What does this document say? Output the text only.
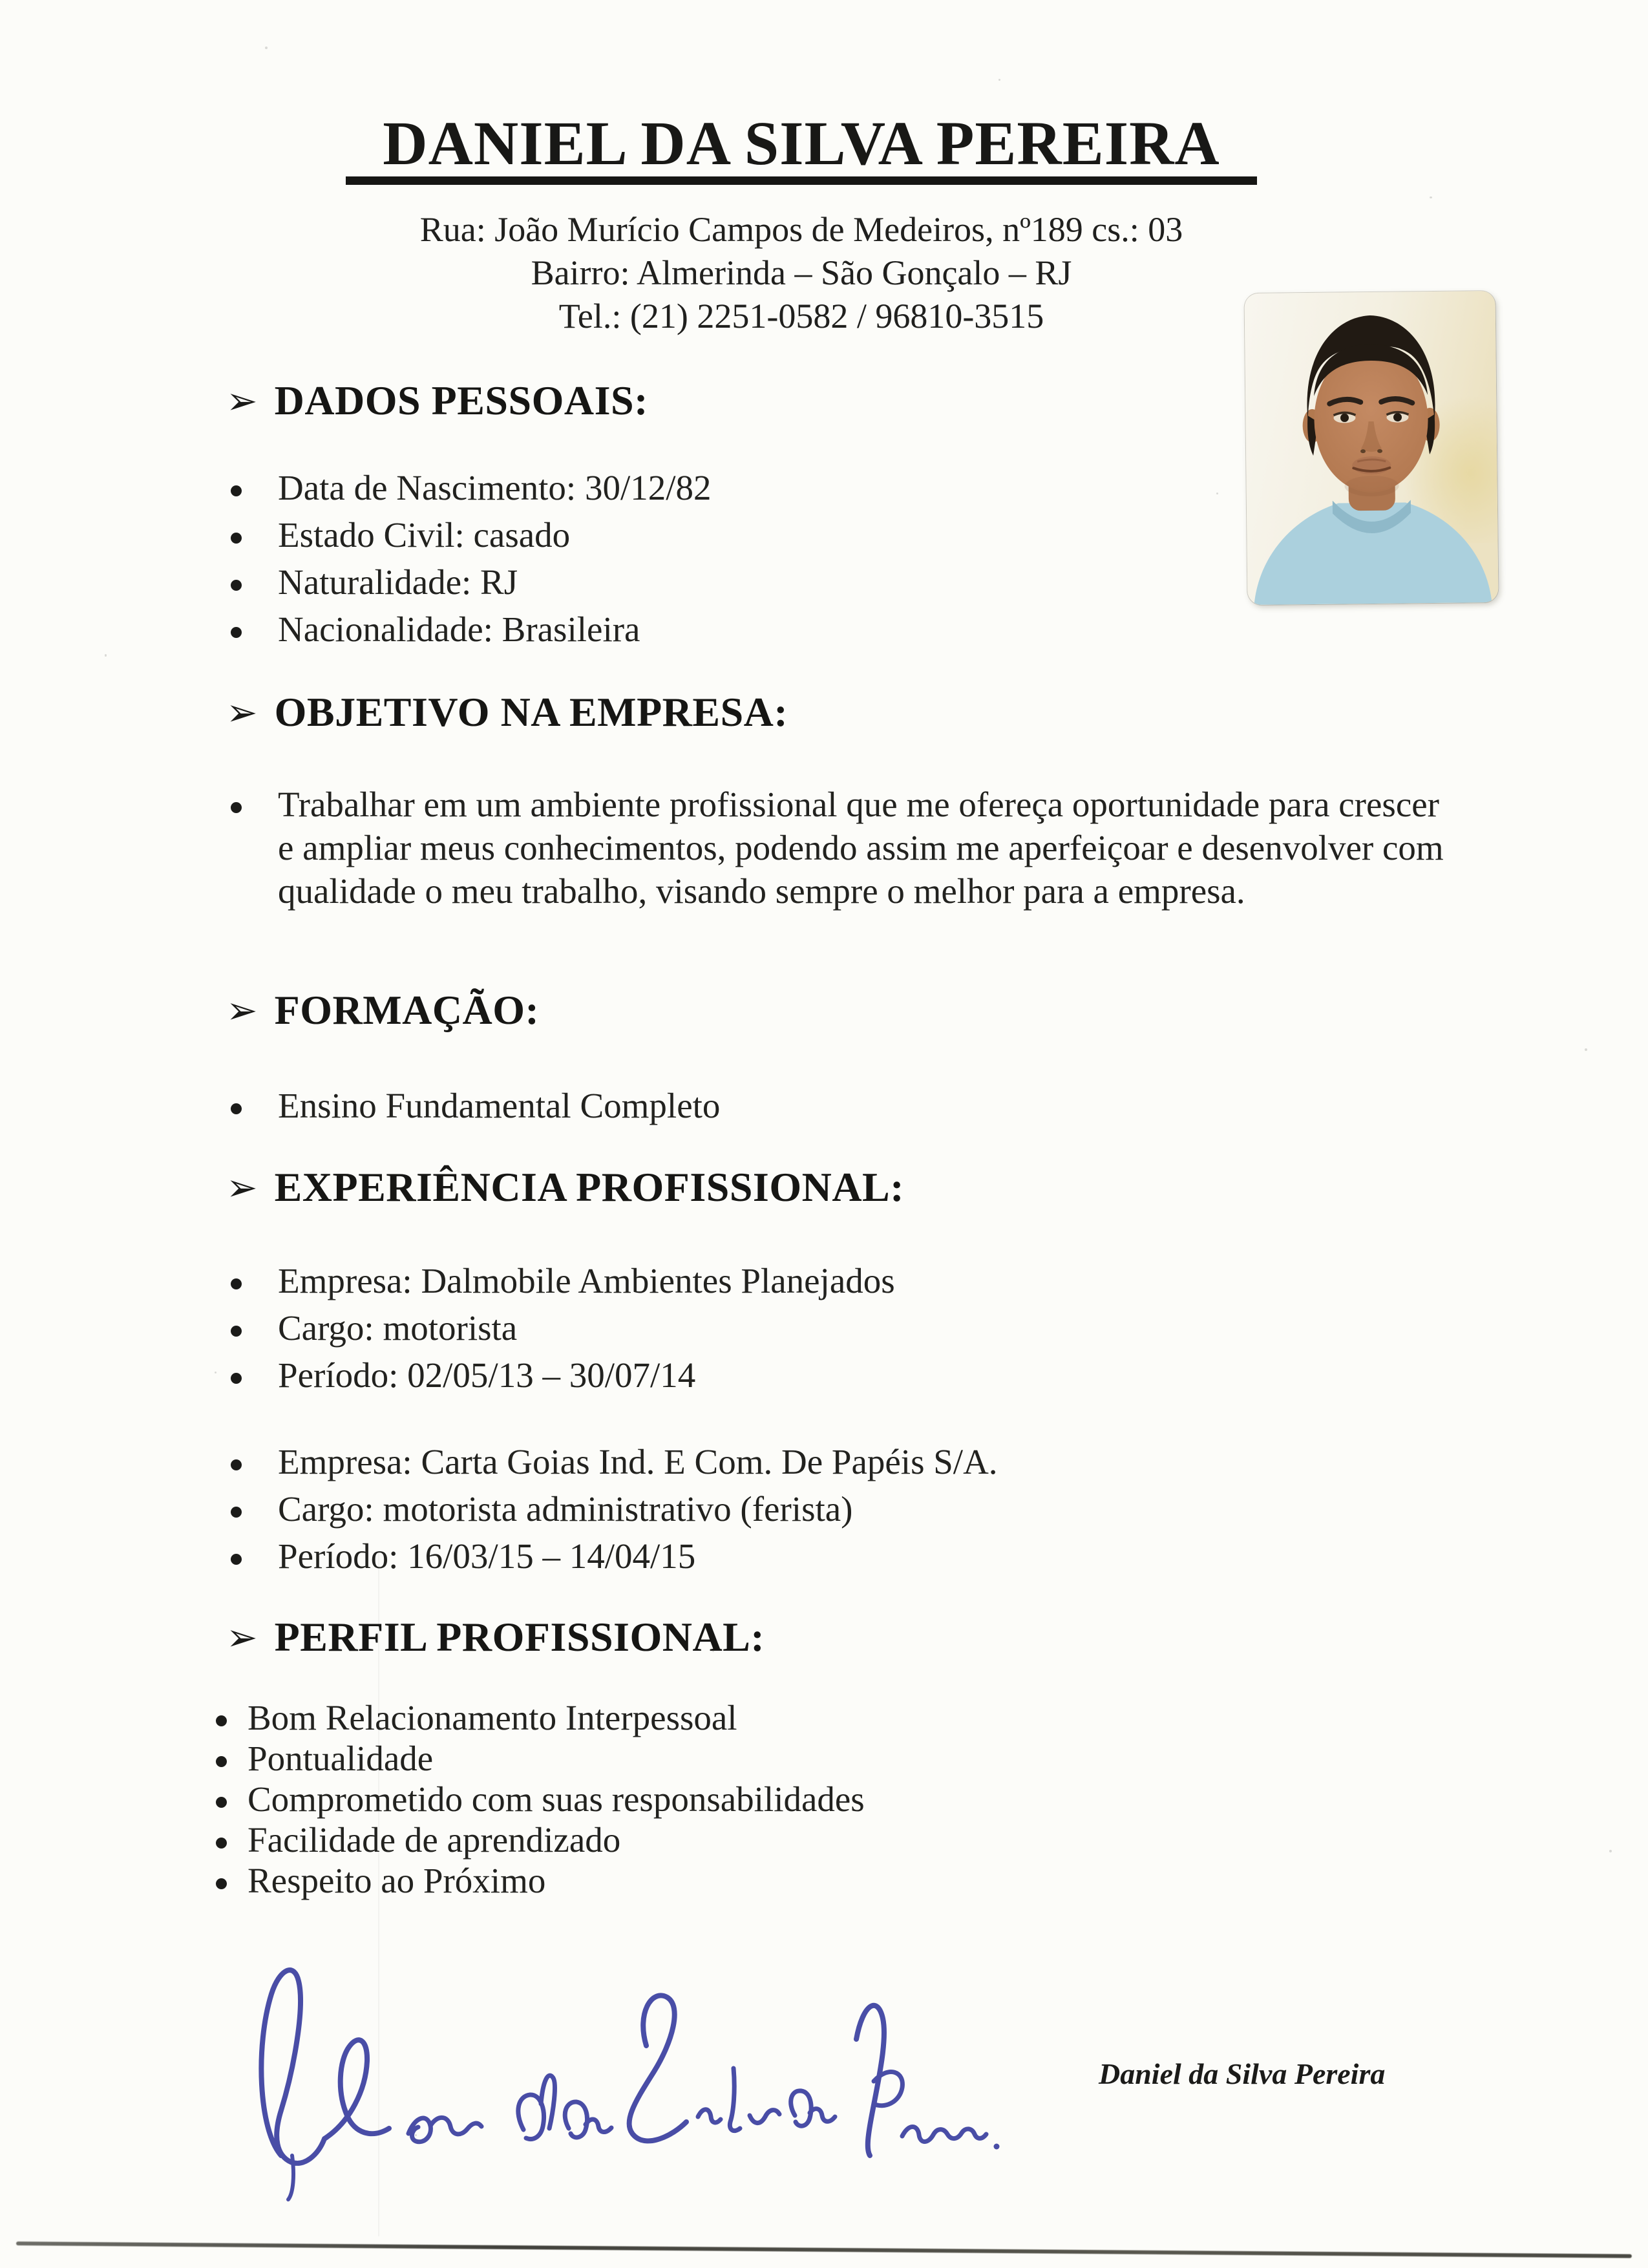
DANIEL DA SILVA PEREIRA
Rua: João Murício Campos de Medeiros, nº189 cs.: 03
Bairro: Almerinda – São Gonçalo – RJ
Tel.: (21) 2251-0582 / 96810-3515
➢ DADOS PESSOAIS:
Data de Nascimento: 30/12/82
Estado Civil: casado
Naturalidade: RJ
Nacionalidade: Brasileira
➢ OBJETIVO NA EMPRESA:

Trabalhar em um ambiente profissional que me ofereça oportunidade para crescer e ampliar meus conhecimentos, podendo assim me aperfeiçoar e desenvolver com qualidade o meu trabalho, visando sempre o melhor para a empresa.

➢ FORMAÇÃO:
Ensino Fundamental Completo
➢ EXPERIÊNCIA PROFISSIONAL:
Empresa: Dalmobile Ambientes Planejados
Cargo: motorista
Período: 02/05/13 – 30/07/14
Empresa: Carta Goias Ind. E Com. De Papéis S/A.
Cargo: motorista administrativo (ferista)
Período: 16/03/15 – 14/04/15
➢ PERFIL PROFISSIONAL:
Bom Relacionamento Interpessoal
Pontualidade
Comprometido com suas responsabilidades
Facilidade de aprendizado
Respeito ao Próximo
Daniel da Silva Pereira
